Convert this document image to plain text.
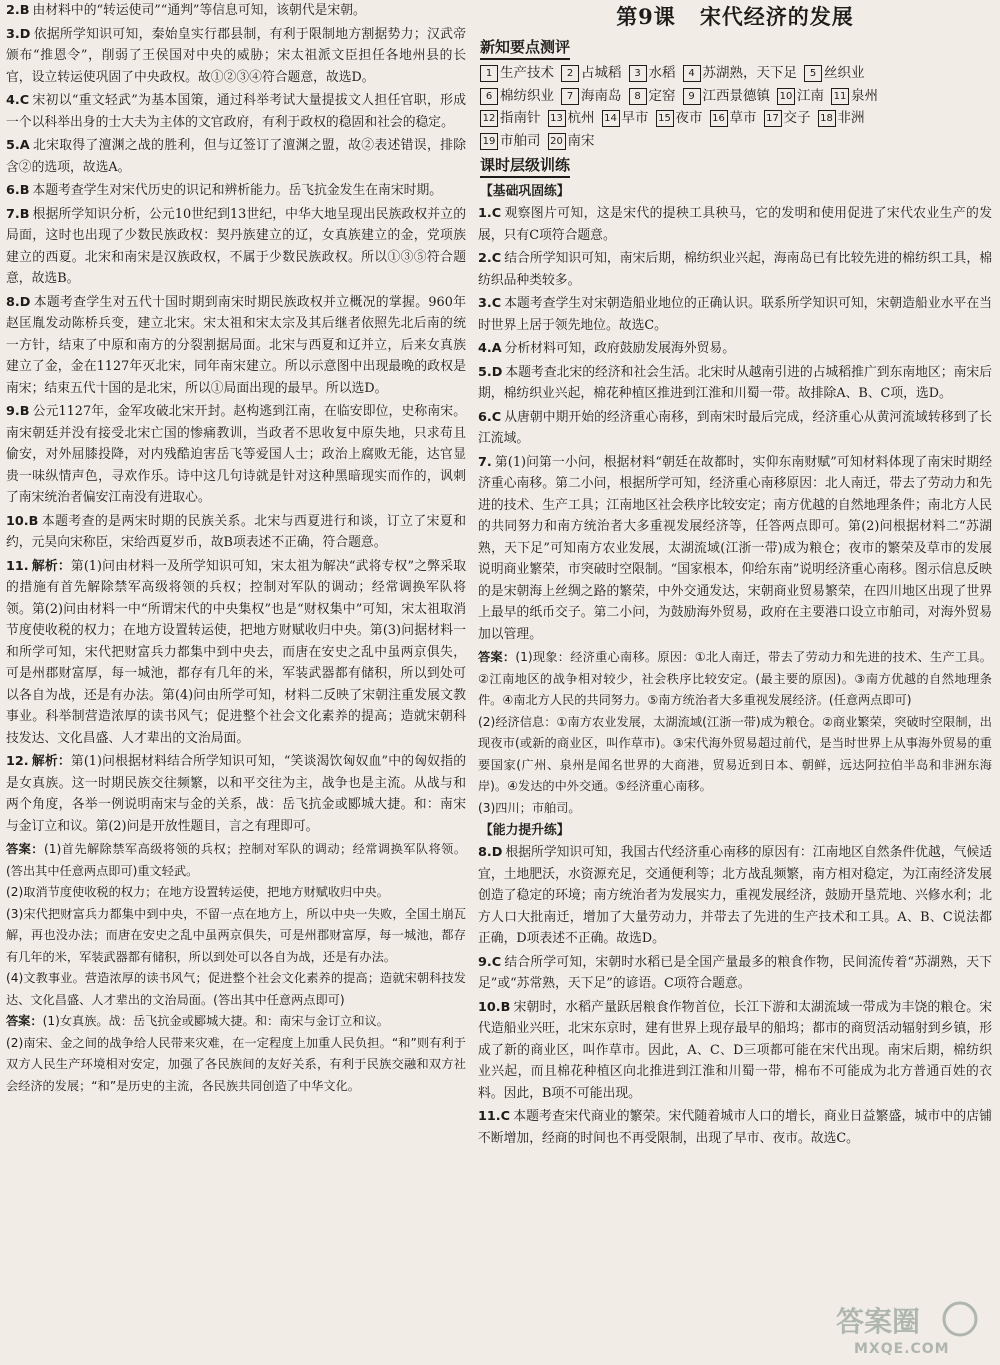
2.B 由材料中的“转运使司”“通判”等信息可知，该朝代是宋朝。

3.D 依据所学知识可知，秦始皇实行郡县制，有利于限制地方割据势力；汉武帝颁布“推恩令”，削弱了王侯国对中央的威胁；宋太祖派文臣担任各地州县的长官，设立转运使巩固了中央政权。故①②③④符合题意，故选D。

4.C 宋初以“重文轻武”为基本国策，通过科举考试大量提拔文人担任官职，形成一个以科举出身的士大夫为主体的文官政府，有利于政权的稳固和社会的稳定。

5.A 北宋取得了澶渊之战的胜利，但与辽签订了澶渊之盟，故②表述错误，排除含②的选项，故选A。

6.B 本题考查学生对宋代历史的识记和辨析能力。岳飞抗金发生在南宋时期。

7.B 根据所学知识分析，公元10世纪到13世纪，中华大地呈现出民族政权并立的局面，这时也出现了少数民族政权：契丹族建立的辽，女真族建立的金，党项族建立的西夏。北宋和南宋是汉族政权，不属于少数民族政权。所以①③⑤符合题意，故选B。

8.D 本题考查学生对五代十国时期到南宋时期民族政权并立概况的掌握。960年赵匡胤发动陈桥兵变，建立北宋。宋太祖和宋太宗及其后继者依照先北后南的统一方针，结束了中原和南方的分裂割据局面。北宋与西夏和辽并立，后来女真族建立了金，金在1127年灭北宋，同年南宋建立。所以示意图中出现最晚的政权是南宋；结束五代十国的是北宋，所以①局面出现的最早。所以选D。

9.B 公元1127年，金军攻破北宋开封。赵构逃到江南，在临安即位，史称南宋。南宋朝廷并没有接受北宋亡国的惨痛教训，当政者不思收复中原失地，只求苟且偷安，对外屈膝投降，对内残酷迫害岳飞等爱国人士；政治上腐败无能，达官显贵一味纵情声色，寻欢作乐。诗中这几句诗就是针对这种黑暗现实而作的，讽刺了南宋统治者偏安江南没有进取心。

10.B 本题考查的是两宋时期的民族关系。北宋与西夏进行和谈，订立了宋夏和约，元昊向宋称臣，宋给西夏岁币，故B项表述不正确，符合题意。

11. 解析：第(1)问由材料一及所学知识可知，宋太祖为解决“武将专权”之弊采取的措施有首先解除禁军高级将领的兵权；控制对军队的调动；经常调换军队将领。第(2)问由材料一中“所谓宋代的中央集权”也是“财权集中”可知，宋太祖取消节度使收税的权力；在地方设置转运使，把地方财赋收归中央。第(3)问据材料一和所学可知，宋代把财富兵力都集中到中央去，而唐在安史之乱中虽两京俱失，可是州郡财富厚，每一城池，都存有几年的米，军装武器都有储积，所以到处可以各自为战，还是有办法。第(4)问由所学可知，材料二反映了宋朝注重发展文教事业。科举制营造浓厚的读书风气；促进整个社会文化素养的提高；造就宋朝科技发达、文化昌盛、人才辈出的文治局面。

12. 解析：第(1)问根据材料结合所学知识可知，“笑谈渴饮匈奴血”中的匈奴指的是女真族。这一时期民族交往频繁，以和平交往为主，战争也是主流。从战与和两个角度，各举一例说明南宋与金的关系，战：岳飞抗金或郾城大捷。和：南宋与金订立和议。第(2)问是开放性题目，言之有理即可。

答案：(1)首先解除禁军高级将领的兵权；控制对军队的调动；经常调换军队将领。(答出其中任意两点即可)重文轻武。

(2)取消节度使收税的权力；在地方设置转运使，把地方财赋收归中央。

(3)宋代把财富兵力都集中到中央，不留一点在地方上，所以中央一失败，全国土崩瓦解，再也没办法；而唐在安史之乱中虽两京俱失，可是州郡财富厚，每一城池，都存有几年的米，军装武器都有储积，所以到处可以各自为战，还是有办法。

(4)文教事业。营造浓厚的读书风气；促进整个社会文化素养的提高；造就宋朝科技发达、文化昌盛、人才辈出的文治局面。(答出其中任意两点即可)

答案：(1)女真族。战：岳飞抗金或郾城大捷。和：南宋与金订立和议。

(2)南宋、金之间的战争给人民带来灾难，在一定程度上加重人民负担。“和”则有利于双方人民生产环境相对安定，加强了各民族间的友好关系，有利于民族交融和双方社会经济的发展；“和”是历史的主流，各民族共同创造了中华文化。

第9课 宋代经济的发展
新知要点测评
1 生产技术 2 占城稻 3 水稻 4 苏湖熟，天下足 5 丝织业
6 棉纺织业 7 海南岛 8 定窑 9 江西景德镇 10 江南 11 泉州
12 指南针 13 杭州 14 早市 15 夜市 16 草市 17 交子 18 非洲
19 市舶司 20 南宋
课时层级训练
【基础巩固练】

1.C 观察图片可知，这是宋代的提秧工具秧马，它的发明和使用促进了宋代农业生产的发展，只有C项符合题意。

2.C 结合所学知识可知，南宋后期，棉纺织业兴起，海南岛已有比较先进的棉纺织工具，棉纺织品种类较多。

3.C 本题考查学生对宋朝造船业地位的正确认识。联系所学知识可知，宋朝造船业水平在当时世界上居于领先地位。故选C。

4.A 分析材料可知，政府鼓励发展海外贸易。

5.D 本题考查北宋的经济和社会生活。北宋时从越南引进的占城稻推广到东南地区；南宋后期，棉纺织业兴起，棉花种植区推进到江淮和川蜀一带。故排除A、B、C项，选D。

6.C 从唐朝中期开始的经济重心南移，到南宋时最后完成，经济重心从黄河流域转移到了长江流域。

7. 第(1)问第一小问，根据材料“朝廷在故都时，实仰东南财赋”可知材料体现了南宋时期经济重心南移。第二小问，根据所学可知，经济重心南移原因：北人南迁，带去了劳动力和先进的技术、生产工具；江南地区社会秩序比较安定；南方优越的自然地理条件；南北方人民的共同努力和南方统治者大多重视发展经济等，任答两点即可。第(2)问根据材料二“苏湖熟，天下足”可知南方农业发展，太湖流域(江浙一带)成为粮仓；夜市的繁荣及草市的发展说明商业繁荣，市突破时空限制。“国家根本，仰给东南”说明经济重心南移。图示信息反映的是宋朝海上丝绸之路的繁荣，中外交通发达，宋朝商业贸易繁荣，在四川地区出现了世界上最早的纸币交子。第二小问，为鼓励海外贸易，政府在主要港口设立市舶司，对海外贸易加以管理。

答案：(1)现象：经济重心南移。原因：①北人南迁，带去了劳动力和先进的技术、生产工具。②江南地区的战争相对较少，社会秩序比较安定。(最主要的原因)。③南方优越的自然地理条件。④南北方人民的共同努力。⑤南方统治者大多重视发展经济。(任意两点即可)

(2)经济信息：①南方农业发展，太湖流域(江浙一带)成为粮仓。②商业繁荣，突破时空限制，出现夜市(或新的商业区，叫作草市)。③宋代海外贸易超过前代，是当时世界上从事海外贸易的重要国家(广州、泉州是闻名世界的大商港，贸易近到日本、朝鲜，远达阿拉伯半岛和非洲东海岸)。④发达的中外交通。⑤经济重心南移。

(3)四川；市舶司。

【能力提升练】

8.D 根据所学知识可知，我国古代经济重心南移的原因有：江南地区自然条件优越，气候适宜，土地肥沃，水资源充足，交通便利等；北方战乱频繁，南方相对稳定，为江南经济发展创造了稳定的环境；南方统治者为发展实力，重视发展经济，鼓励开垦荒地、兴修水利；北方人口大批南迁，增加了大量劳动力，并带去了先进的生产技术和工具。A、B、C说法都正确，D项表述不正确。故选D。

9.C 结合所学可知，宋朝时水稻已是全国产量最多的粮食作物，民间流传着“苏湖熟，天下足”或“苏常熟，天下足”的谚语。C项符合题意。

10.B 宋朝时，水稻产量跃居粮食作物首位，长江下游和太湖流域一带成为丰饶的粮仓。宋代造船业兴旺，北宋东京时，建有世界上现存最早的船坞；都市的商贸活动辐射到乡镇，形成了新的商业区，叫作草市。因此，A、C、D三项都可能在宋代出现。南宋后期，棉纺织业兴起，而且棉花种植区向北推进到江淮和川蜀一带，棉布不可能成为北方普通百姓的衣料。因此，B项不可能出现。

11.C 本题考查宋代商业的繁荣。宋代随着城市人口的增长，商业日益繁盛，城市中的店铺不断增加，经商的时间也不再受限制，出现了早市、夜市。故选C。

答案圈
MXQE.COM
